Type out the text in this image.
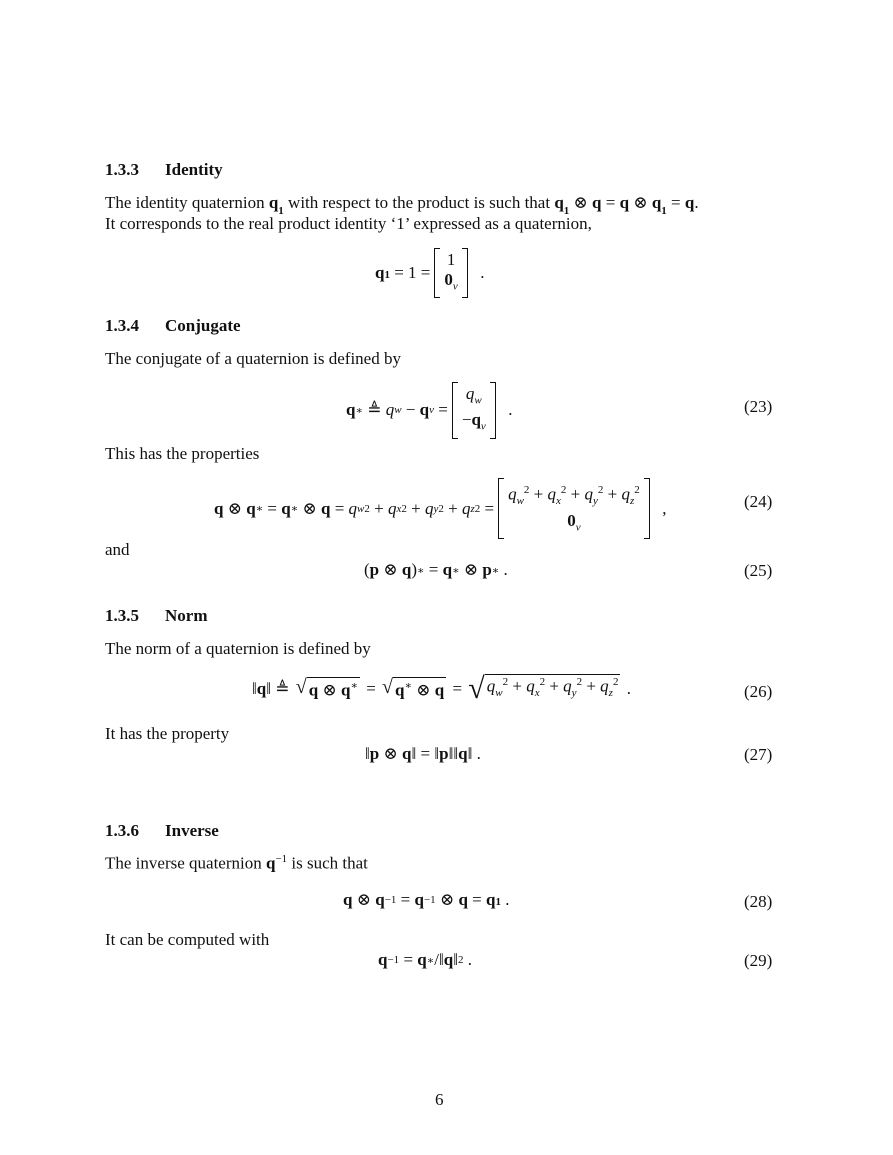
1.3.3 Identity
The identity quaternion $q_1$ with respect to the product is such that $q_1$ ⊗ q = q ⊗ $q_1 = q$.
It corresponds to the real product identity ‘1’ expressed as a quaternion,
$q_1 = 1$ =
1
$0_v$
.
1.3.4 Conjugate
The conjugate of a quaternion is defined by
q ∗ ≜ q w − q v =
$q_w$
$-q_v$
.	(23)
This has the properties
q ⊗ q ∗ = q ∗ ⊗ q = q w 2 + q x 2 + q y 2 + q z 2 =
$q_w^2 + q_x^2 + q_y^2 + q_z^2$
$0_v$
,	(24)
and
( p ⊗ q ) ∗ = q ∗ ⊗ p ∗ .	(25)
1.3.5 Norm
The norm of a quaternion is defined by
‖ q ‖ ≜ √ q ⊗ q∗ = √ q∗ ⊗ q = √ $q_w^2 + q_x^2 + q_y^2 + q_z^2$ .	(26)
It has the property
‖ p ⊗ q ‖ = ‖ p ‖‖ q ‖ .	(27)
1.3.6 Inverse
The inverse quaternion $q^{-1}$ is such that
q ⊗ q −1 = q −1 ⊗ $q = q_1$ .	(28)
It can be computed with
q −1 = q ∗ /‖ q ‖ 2 .	(29)
6
